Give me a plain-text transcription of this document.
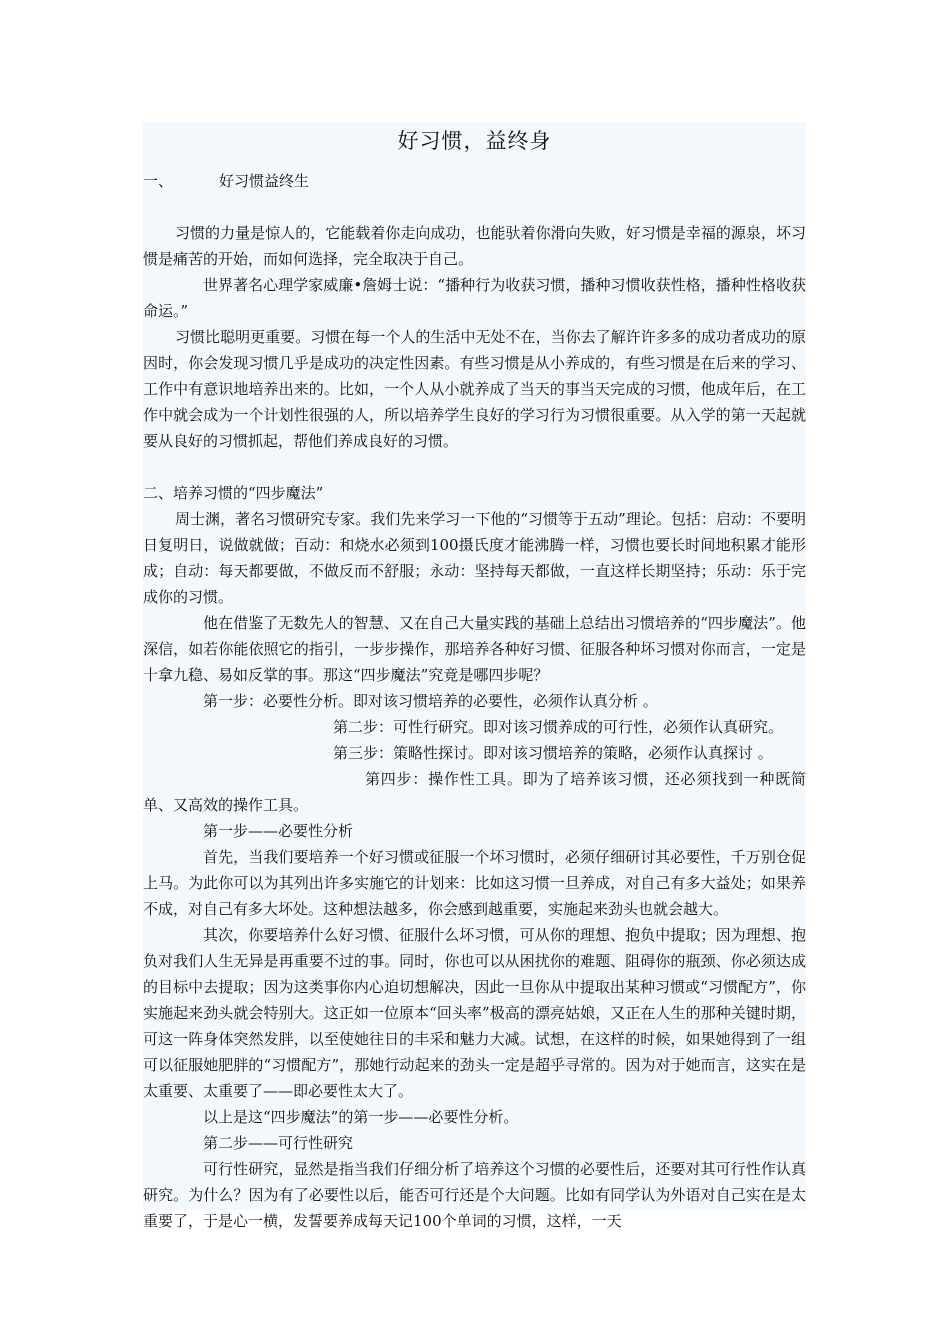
好习惯，益终身
一、	好习惯益终生

习惯的力量是惊人的，它能载着你走向成功，也能驮着你滑向失败，好习惯是幸福的源泉，坏习惯是痛苦的开始，而如何选择，完全取决于自己。

世界著名心理学家威廉•詹姆士说：“播种行为收获习惯，播种习惯收获性格，播种性格收获命运。”

习惯比聪明更重要。习惯在每一个人的生活中无处不在，当你去了解许许多多的成功者成功的原因时，你会发现习惯几乎是成功的决定性因素。有些习惯是从小养成的，有些习惯是在后来的学习、工作中有意识地培养出来的。比如，一个人从小就养成了当天的事当天完成的习惯，他成年后，在工作中就会成为一个计划性很强的人，所以培养学生良好的学习行为习惯很重要。从入学的第一天起就要从良好的习惯抓起，帮他们养成良好的习惯。

二、培养习惯的“四步魔法”

周士渊，著名习惯研究专家。我们先来学习一下他的“习惯等于五动”理论。包括：启动：不要明日复明日，说做就做；百动：和烧水必须到100摄氏度才能沸腾一样，习惯也要长时间地积累才能形成；自动：每天都要做，不做反而不舒服；永动：坚持每天都做，一直这样长期坚持；乐动：乐于完成你的习惯。

他在借鉴了无数先人的智慧、又在自己大量实践的基础上总结出习惯培养的“四步魔法”。他深信，如若你能依照它的指引，一步步操作，那培养各种好习惯、征服各种坏习惯对你而言，一定是十拿九稳、易如反掌的事。那这“四步魔法”究竟是哪四步呢？

第一步：必要性分析。即对该习惯培养的必要性，必须作认真分析 。

第二步：可性行研究。即对该习惯养成的可行性，必须作认真研究。

第三步：策略性探讨。即对该习惯培养的策略，必须作认真探讨 。

第四步：操作性工具。即为了培养该习惯，还必须找到一种既简单、又高效的操作工具。

第一步——必要性分析

首先，当我们要培养一个好习惯或征服一个坏习惯时，必须仔细研讨其必要性，千万别仓促上马。为此你可以为其列出许多实施它的计划来：比如这习惯一旦养成，对自己有多大益处；如果养不成，对自己有多大坏处。这种想法越多，你会感到越重要，实施起来劲头也就会越大。

其次，你要培养什么好习惯、征服什么坏习惯，可从你的理想、抱负中提取；因为理想、抱负对我们人生无异是再重要不过的事。同时，你也可以从困扰你的难题、阻碍你的瓶颈、你必须达成的目标中去提取；因为这类事你内心迫切想解决，因此一旦你从中提取出某种习惯或“习惯配方”，你实施起来劲头就会特别大。这正如一位原本“回头率”极高的漂亮姑娘，又正在人生的那种关键时期，可这一阵身体突然发胖，以至使她往日的丰采和魅力大减。试想，在这样的时候，如果她得到了一组可以征服她肥胖的“习惯配方”，那她行动起来的劲头一定是超乎寻常的。因为对于她而言，这实在是太重要、太重要了——即必要性太大了。

以上是这“四步魔法”的第一步——必要性分析。

第二步——可行性研究

可行性研究，显然是指当我们仔细分析了培养这个习惯的必要性后，还要对其可行性作认真研究。为什么？因为有了必要性以后，能否可行还是个大问题。比如有同学认为外语对自己实在是太重要了，于是心一横，发誓要养成每天记100个单词的习惯，这样，一天
